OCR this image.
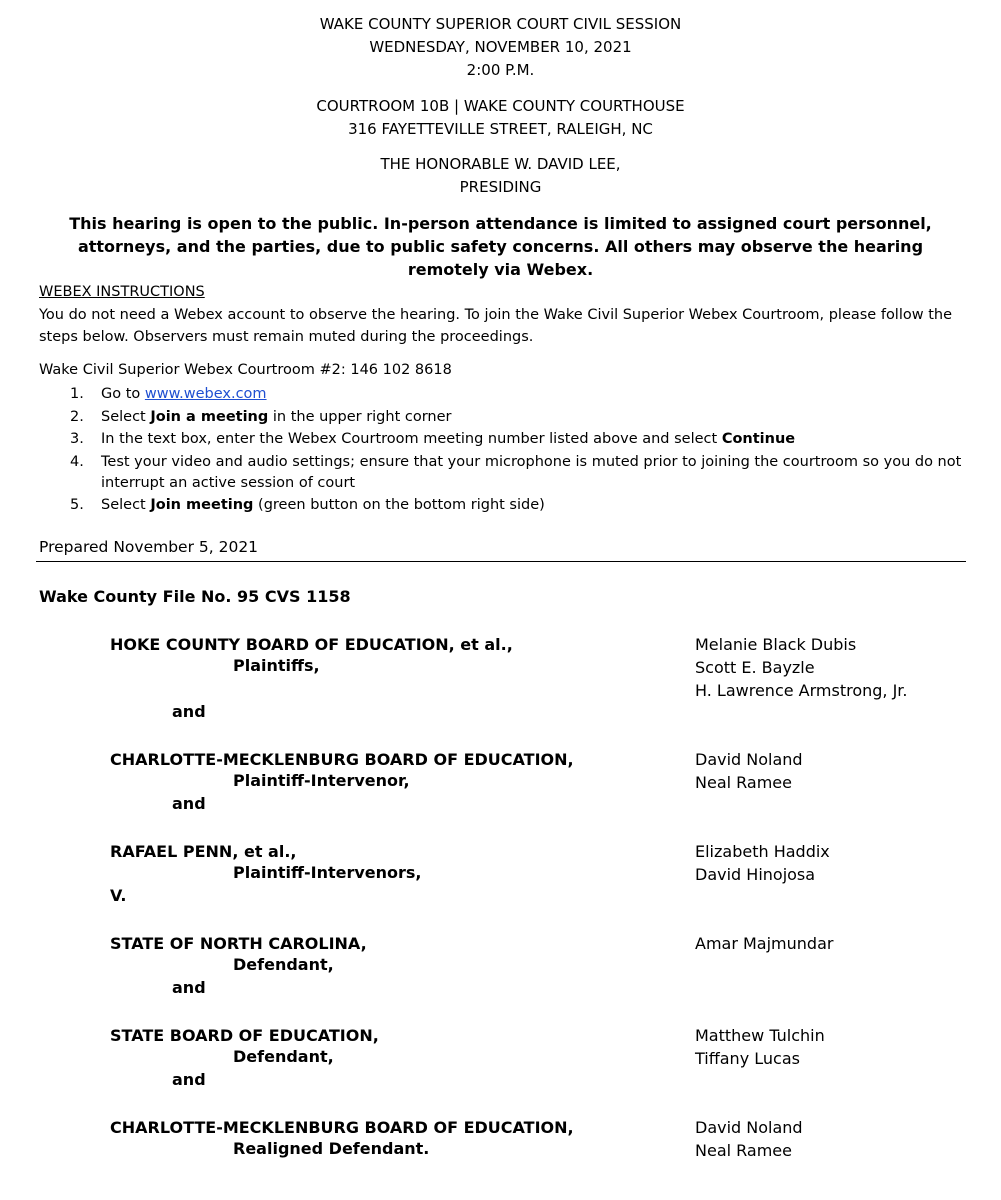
WAKE COUNTY SUPERIOR COURT CIVIL SESSION
WEDNESDAY, NOVEMBER 10, 2021
2:00 P.M.
COURTROOM 10B | WAKE COUNTY COURTHOUSE
316 FAYETTEVILLE STREET, RALEIGH, NC
THE HONORABLE W. DAVID LEE,
PRESIDING
This hearing is open to the public. In-person attendance is limited to assigned court personnel, attorneys, and the parties, due to public safety concerns. All others may observe the hearing remotely via Webex.
WEBEX INSTRUCTIONS

You do not need a Webex account to observe the hearing. To join the Wake Civil Superior Webex Courtroom, please follow the steps below. Observers must remain muted during the proceedings.

Wake Civil Superior Webex Courtroom #2: 146 102 8618
1. Go to www.webex.com
2. Select Join a meeting in the upper right corner
3. In the text box, enter the Webex Courtroom meeting number listed above and select Continue
4. Test your video and audio settings; ensure that your microphone is muted prior to joining the courtroom so you do not interrupt an active session of court
5. Select Join meeting (green button on the bottom right side)
Prepared November 5, 2021
Wake County File No. 95 CVS 1158
HOKE COUNTY BOARD OF EDUCATION, et al.,
Plaintiffs,
Melanie Black Dubis
Scott E. Bayzle
H. Lawrence Armstrong, Jr.
and
CHARLOTTE-MECKLENBURG BOARD OF EDUCATION,
Plaintiff-Intervenor,
David Noland
Neal Ramee
and
RAFAEL PENN, et al.,
Plaintiff-Intervenors,
Elizabeth Haddix
David Hinojosa
V.
STATE OF NORTH CAROLINA,
Defendant,
Amar Majmundar
and
STATE BOARD OF EDUCATION,
Defendant,
Matthew Tulchin
Tiffany Lucas
and
CHARLOTTE-MECKLENBURG BOARD OF EDUCATION,
Realigned Defendant.
David Noland
Neal Ramee
